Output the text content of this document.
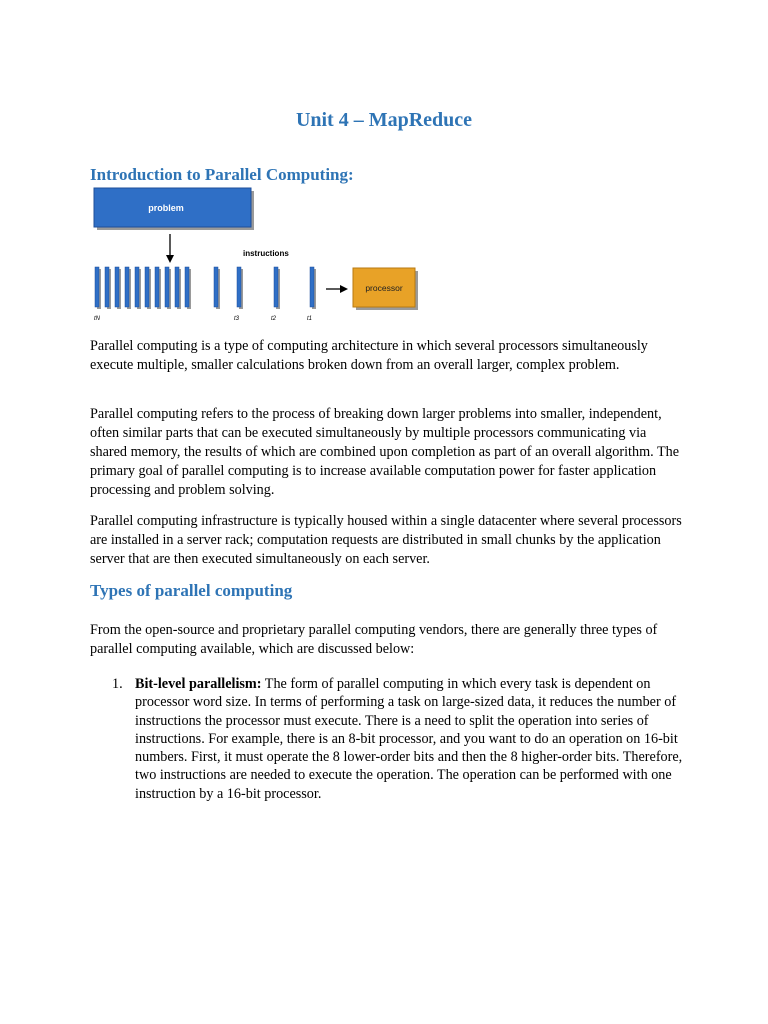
Unit 4 – MapReduce
Introduction to Parallel Computing:
problem
instructions
processor
tN	t3	t2	t1

Parallel computing is a type of computing architecture in which several processors simultaneously execute multiple, smaller calculations broken down from an overall larger, complex problem.

Parallel computing refers to the process of breaking down larger problems into smaller, independent, often similar parts that can be executed simultaneously by multiple processors communicating via shared memory, the results of which are combined upon completion as part of an overall algorithm. The primary goal of parallel computing is to increase available computation power for faster application processing and problem solving.

Parallel computing infrastructure is typically housed within a single datacenter where several processors are installed in a server rack; computation requests are distributed in small chunks by the application server that are then executed simultaneously on each server.

Types of parallel computing

From the open-source and proprietary parallel computing vendors, there are generally three types of parallel computing available, which are discussed below:

1. Bit-level parallelism: The form of parallel computing in which every task is dependent on processor word size. In terms of performing a task on large-sized data, it reduces the number of instructions the processor must execute. There is a need to split the operation into series of instructions. For example, there is an 8-bit processor, and you want to do an operation on 16-bit numbers. First, it must operate the 8 lower-order bits and then the 8 higher-order bits. Therefore, two instructions are needed to execute the operation. The operation can be performed with one instruction by a 16-bit processor.
